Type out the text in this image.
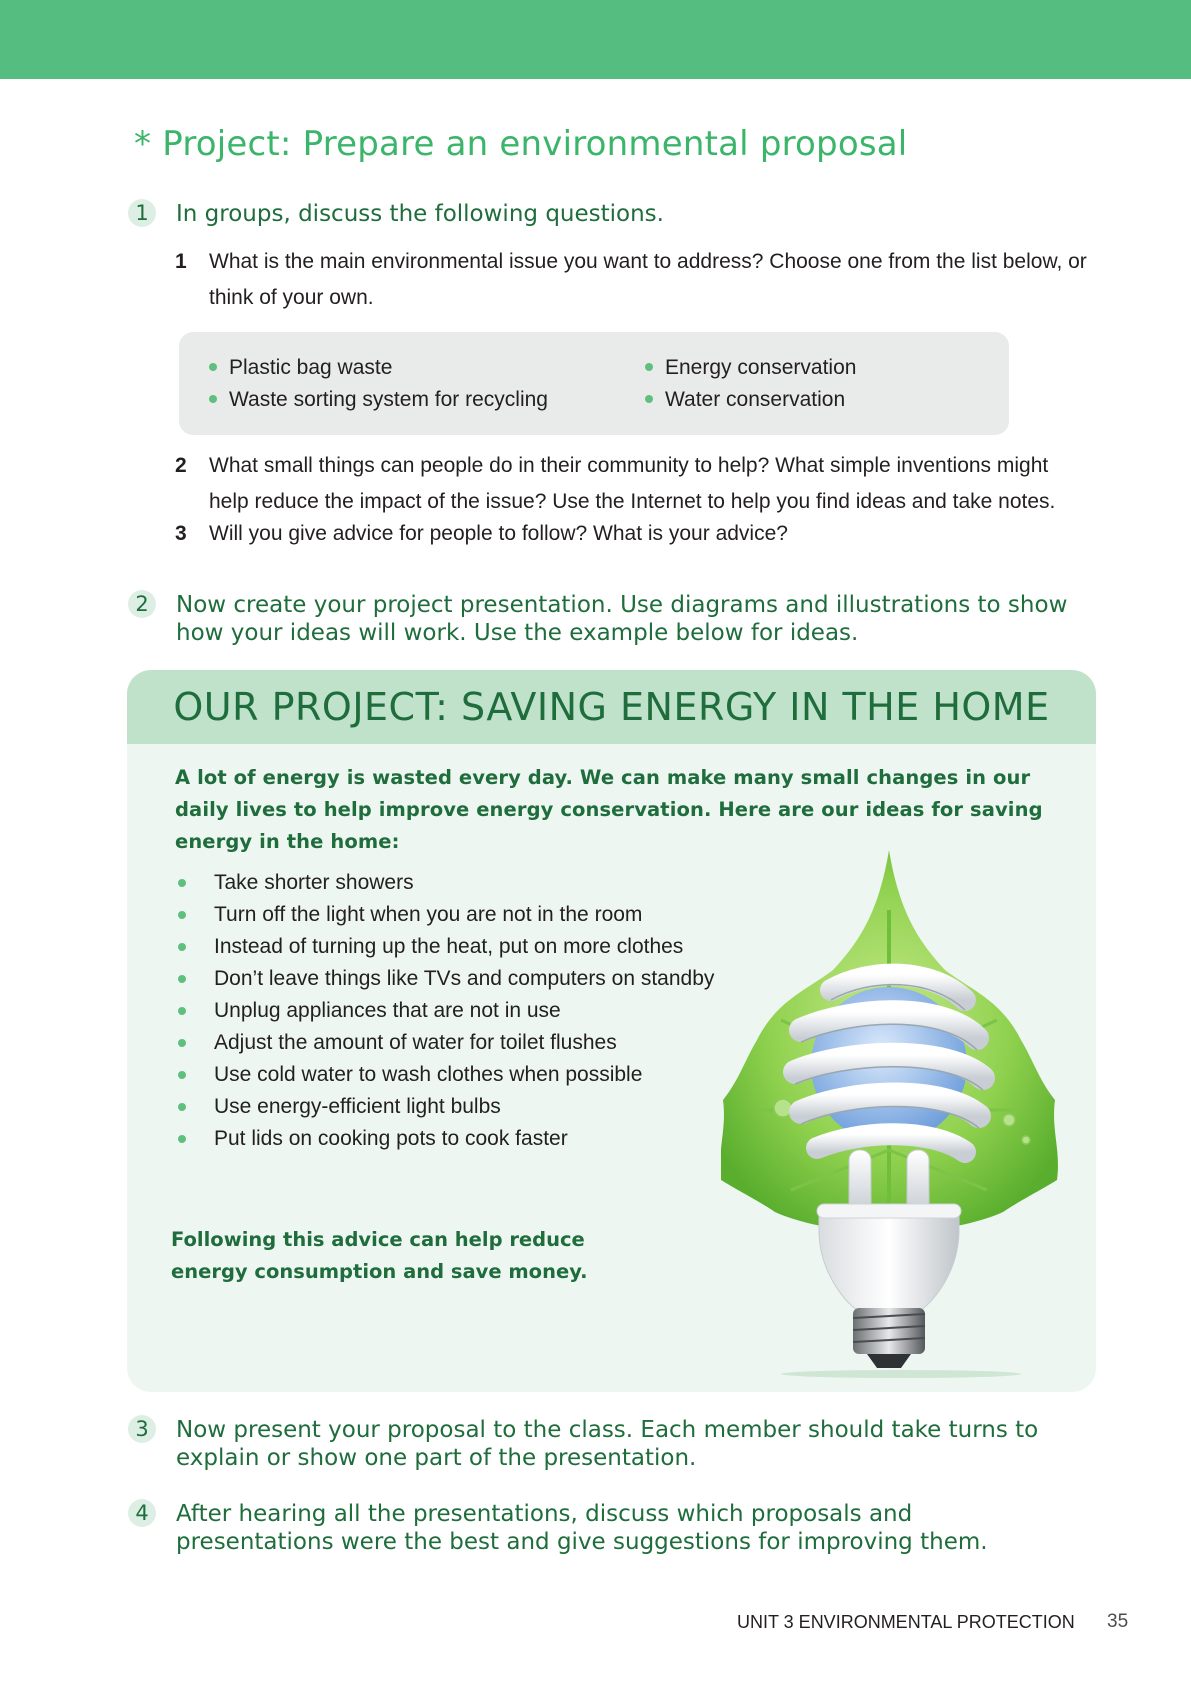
* Project: Prepare an environmental proposal
1	In groups, discuss the following questions.

1 What is the main environmental issue you want to address? Choose one from the list below, or think of your own.
Plastic bag waste
Waste sorting system for recycling
Energy conservation
Water conservation
2 What small things can people do in their community to help? What simple inventions might help reduce the impact of the issue? Use the Internet to help you find ideas and take notes.
3 Will you give advice for people to follow? What is your advice?
2	Now create your project presentation. Use diagrams and illustrations to show how your ideas will work. Use the example below for ideas.

OUR PROJECT: SAVING ENERGY IN THE HOME

A lot of energy is wasted every day. We can make many small changes in our daily lives to help improve energy conservation. Here are our ideas for saving energy in the home:

Take shorter showers
Turn off the light when you are not in the room
Instead of turning up the heat, put on more clothes
Don’t leave things like TVs and computers on standby
Unplug appliances that are not in use
Adjust the amount of water for toilet flushes
Use cold water to wash clothes when possible
Use energy-efficient light bulbs
Put lids on cooking pots to cook faster

Following this advice can help reduce energy consumption and save money.

3	Now present your proposal to the class. Each member should take turns to explain or show one part of the presentation.

4	After hearing all the presentations, discuss which proposals and presentations were the best and give suggestions for improving them.

UNIT 3 ENVIRONMENTAL PROTECTION 35
